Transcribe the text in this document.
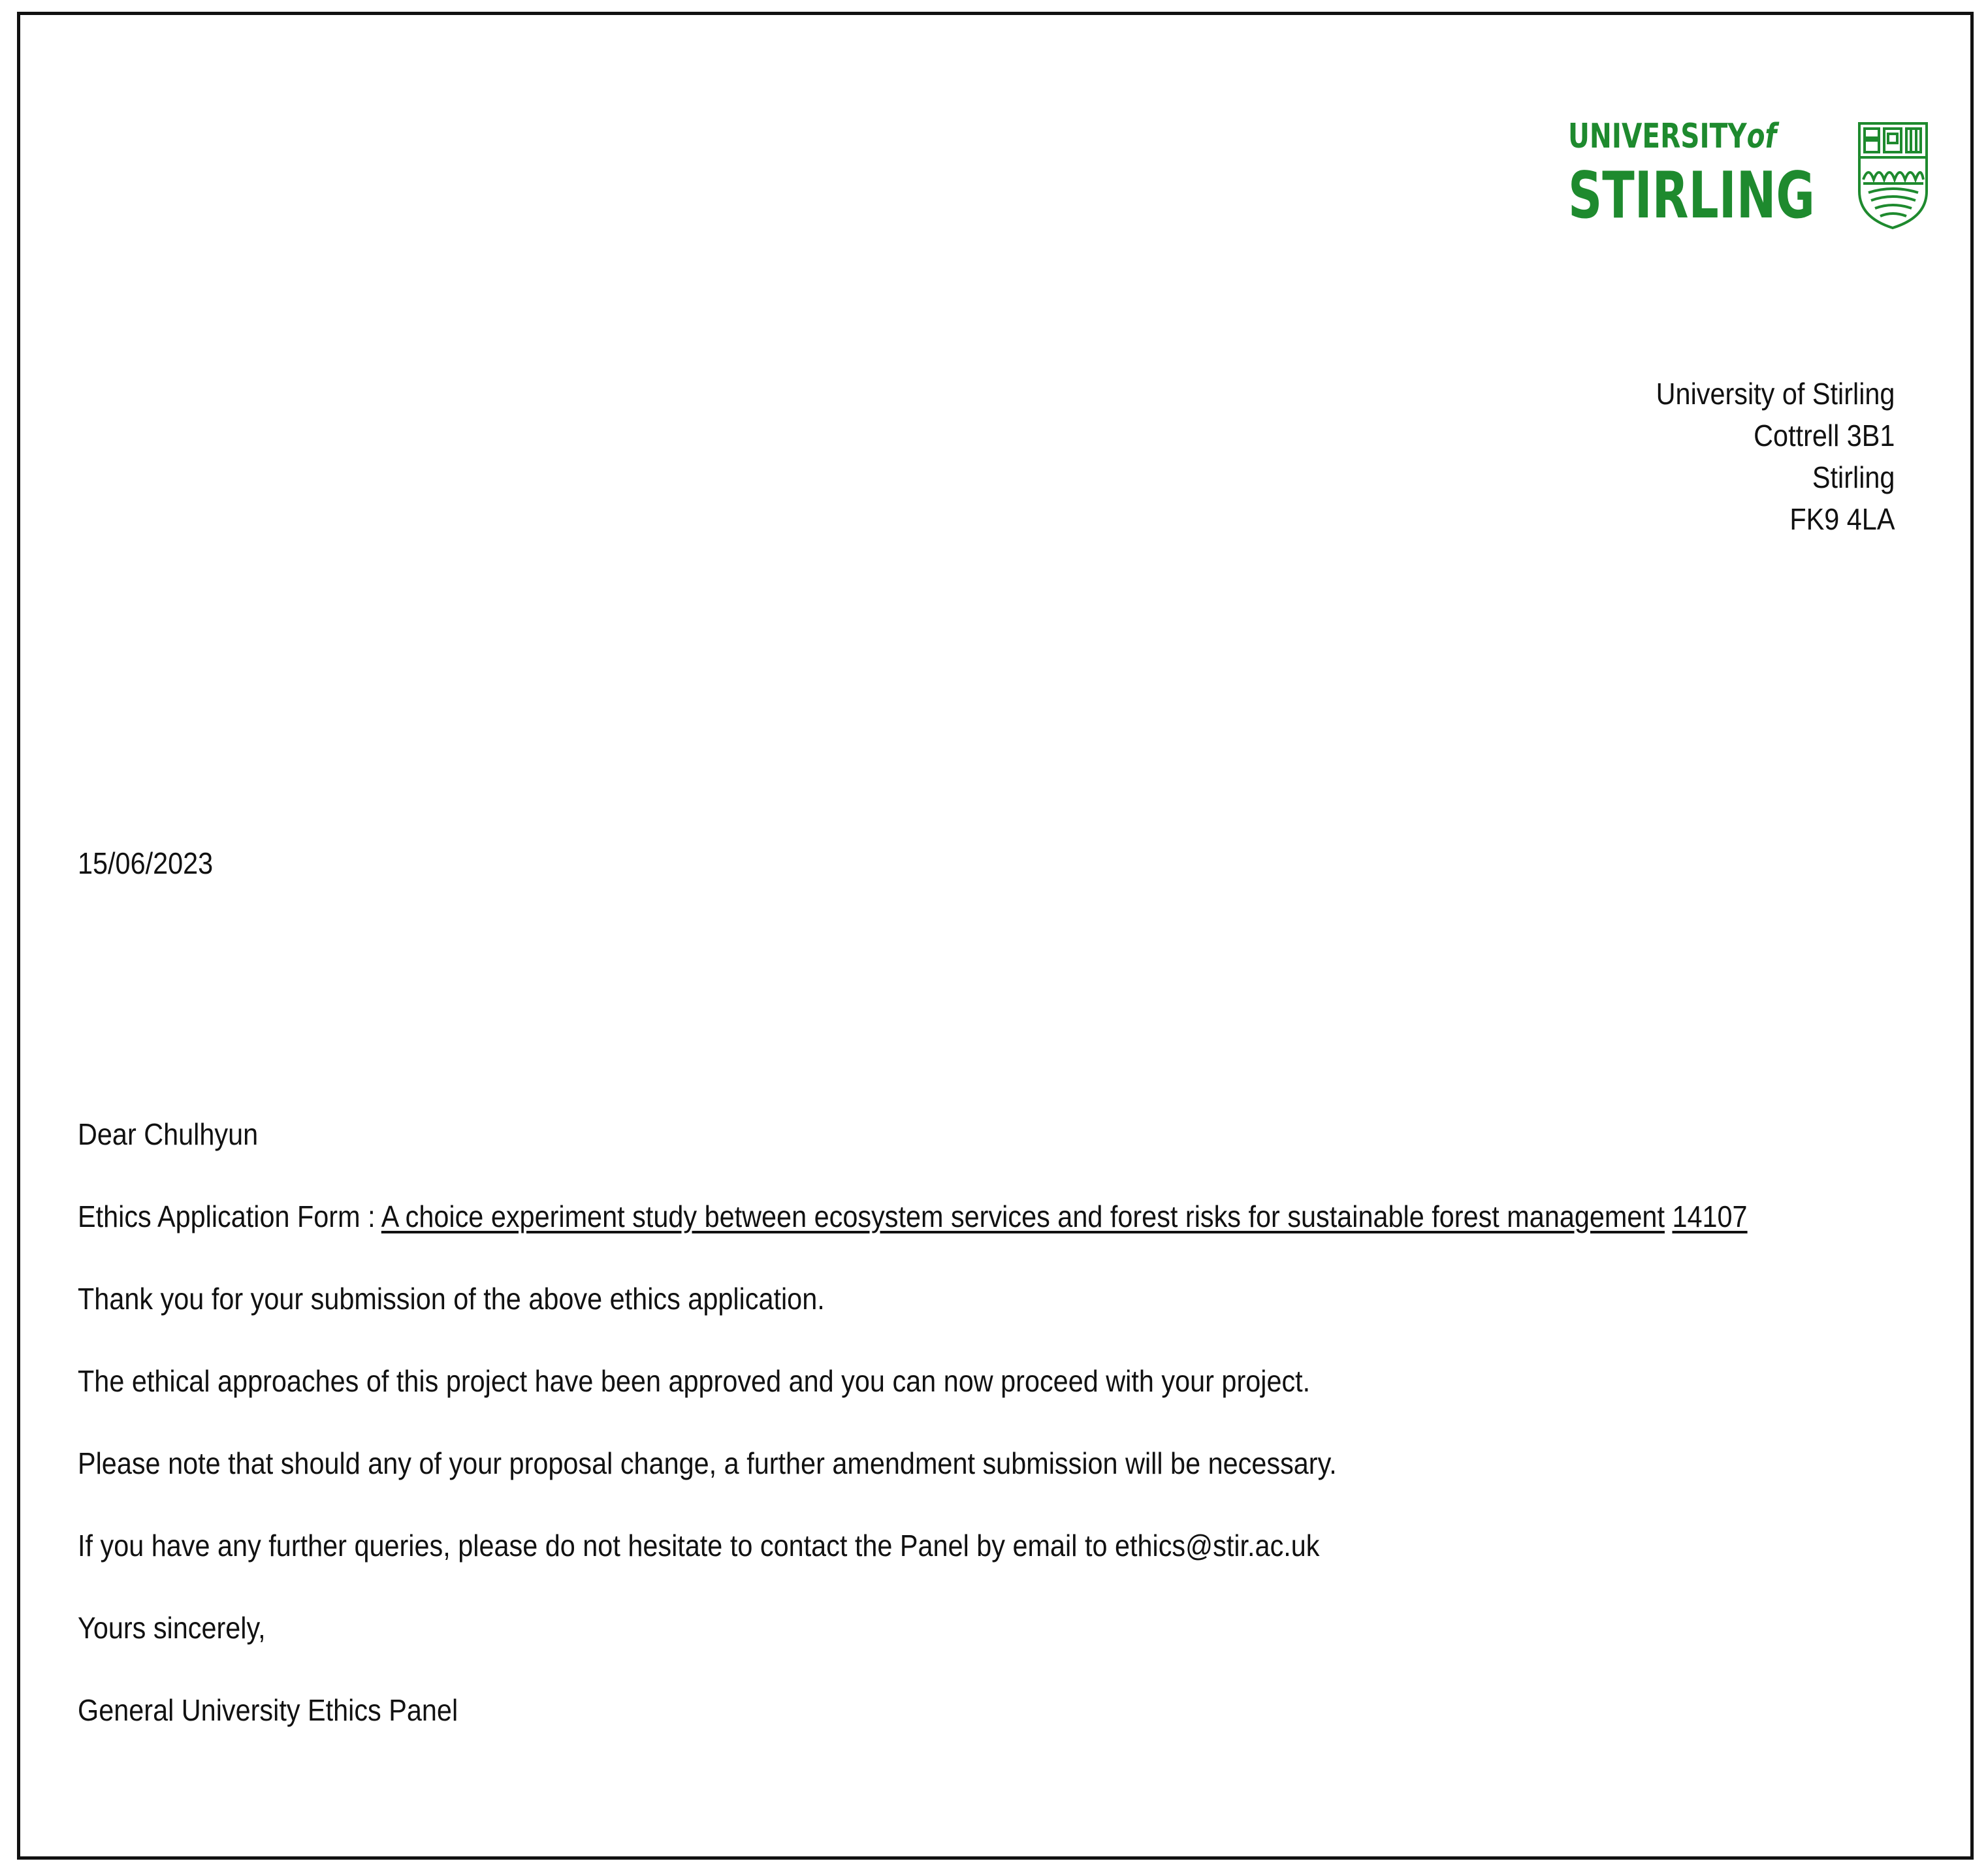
UNIVERSITYof
STIRLING
University of Stirling
Cottrell 3B1
Stirling
FK9 4LA
15/06/2023

Dear Chulhyun

Ethics Application Form : A choice experiment study between ecosystem services and forest risks for sustainable forest management 14107

Thank you for your submission of the above ethics application.

The ethical approaches of this project have been approved and you can now proceed with your project.

Please note that should any of your proposal change, a further amendment submission will be necessary.

If you have any further queries, please do not hesitate to contact the Panel by email to ethics@stir.ac.uk

Yours sincerely,

General University Ethics Panel
